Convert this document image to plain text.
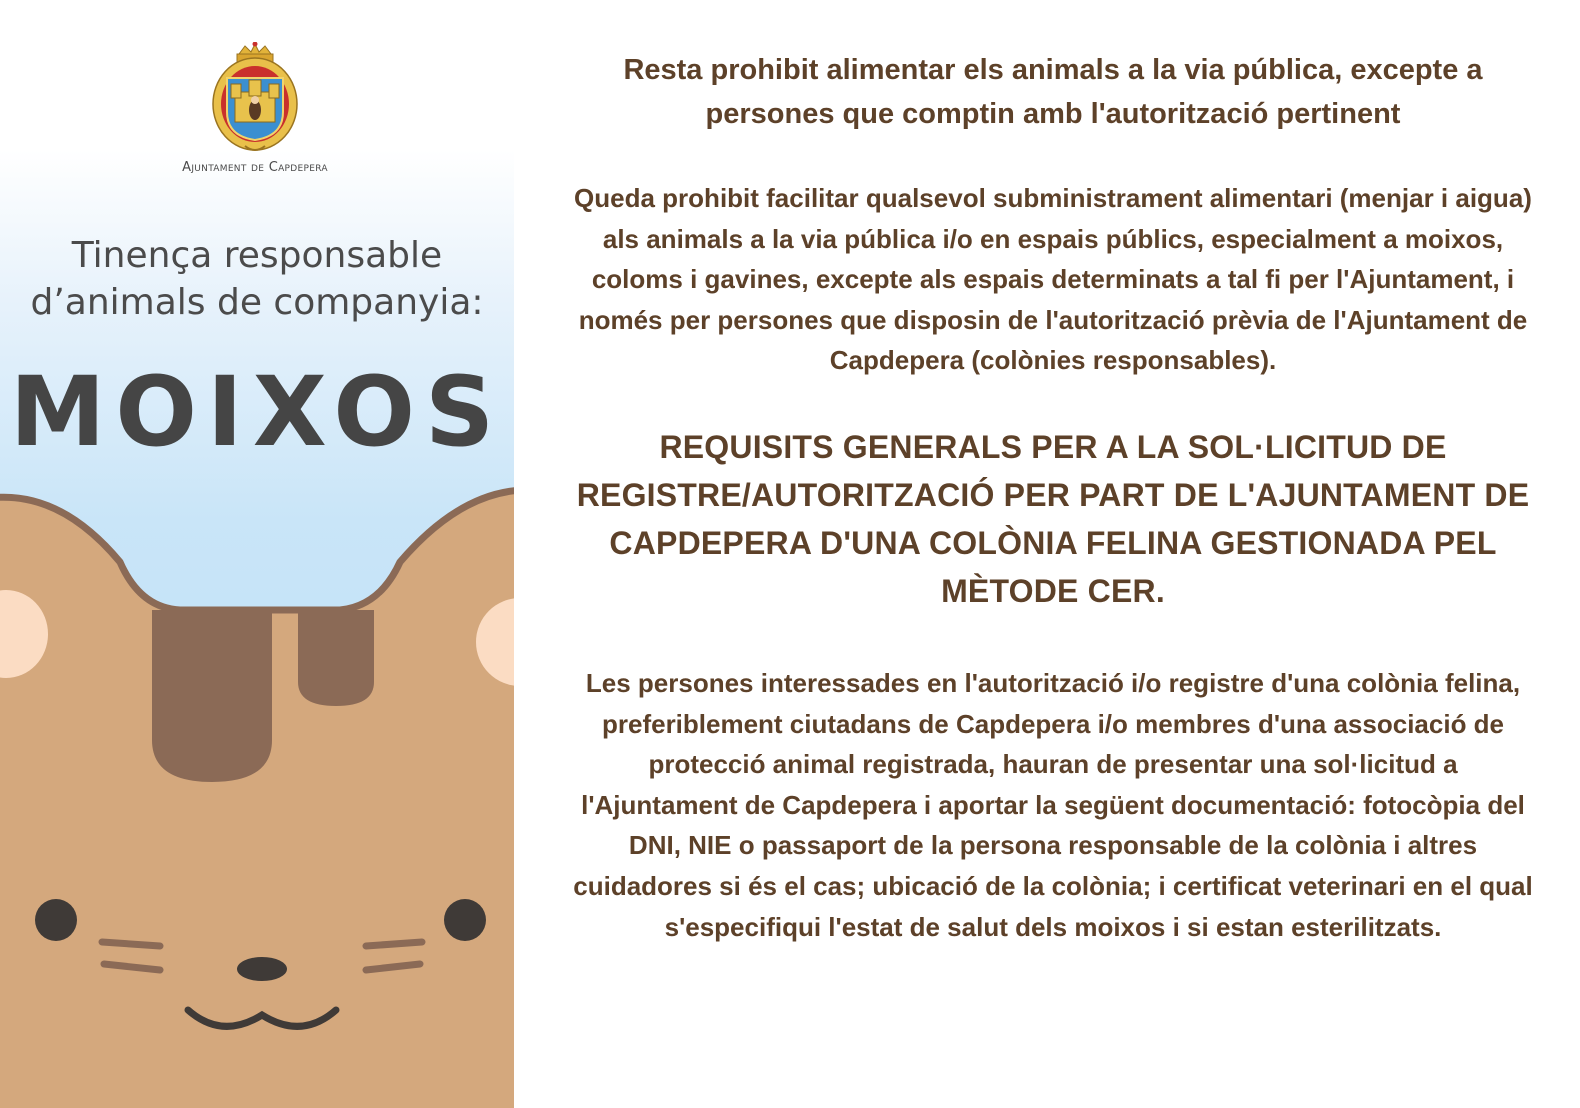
Ajuntament de Capdepera
Tinença responsable
d’animals de companyia:
MOIXOS

Resta prohibit alimentar els animals a la via pública, excepte a persones que comptin amb l'autorització pertinent

Queda prohibit facilitar qualsevol subministrament alimentari (menjar i aigua) als animals a la via pública i/o en espais públics, especialment a moixos, coloms i gavines, excepte als espais determinats a tal fi per l'Ajuntament, i només per persones que disposin de l'autorització prèvia de l'Ajuntament de Capdepera (colònies responsables).

REQUISITS GENERALS PER A LA SOL·LICITUD DE REGISTRE/AUTORITZACIÓ PER PART DE L'AJUNTAMENT DE CAPDEPERA D'UNA COLÒNIA FELINA GESTIONADA PEL MÈTODE CER.

Les persones interessades en l'autorització i/o registre d'una colònia felina, preferiblement ciutadans de Capdepera i/o membres d'una associació de protecció animal registrada, hauran de presentar una sol·licitud a l'Ajuntament de Capdepera i aportar la següent documentació: fotocòpia del DNI, NIE o passaport de la persona responsable de la colònia i altres cuidadores si és el cas; ubicació de la colònia; i certificat veterinari en el qual s'especifiqui l'estat de salut dels moixos i si estan esterilitzats.
